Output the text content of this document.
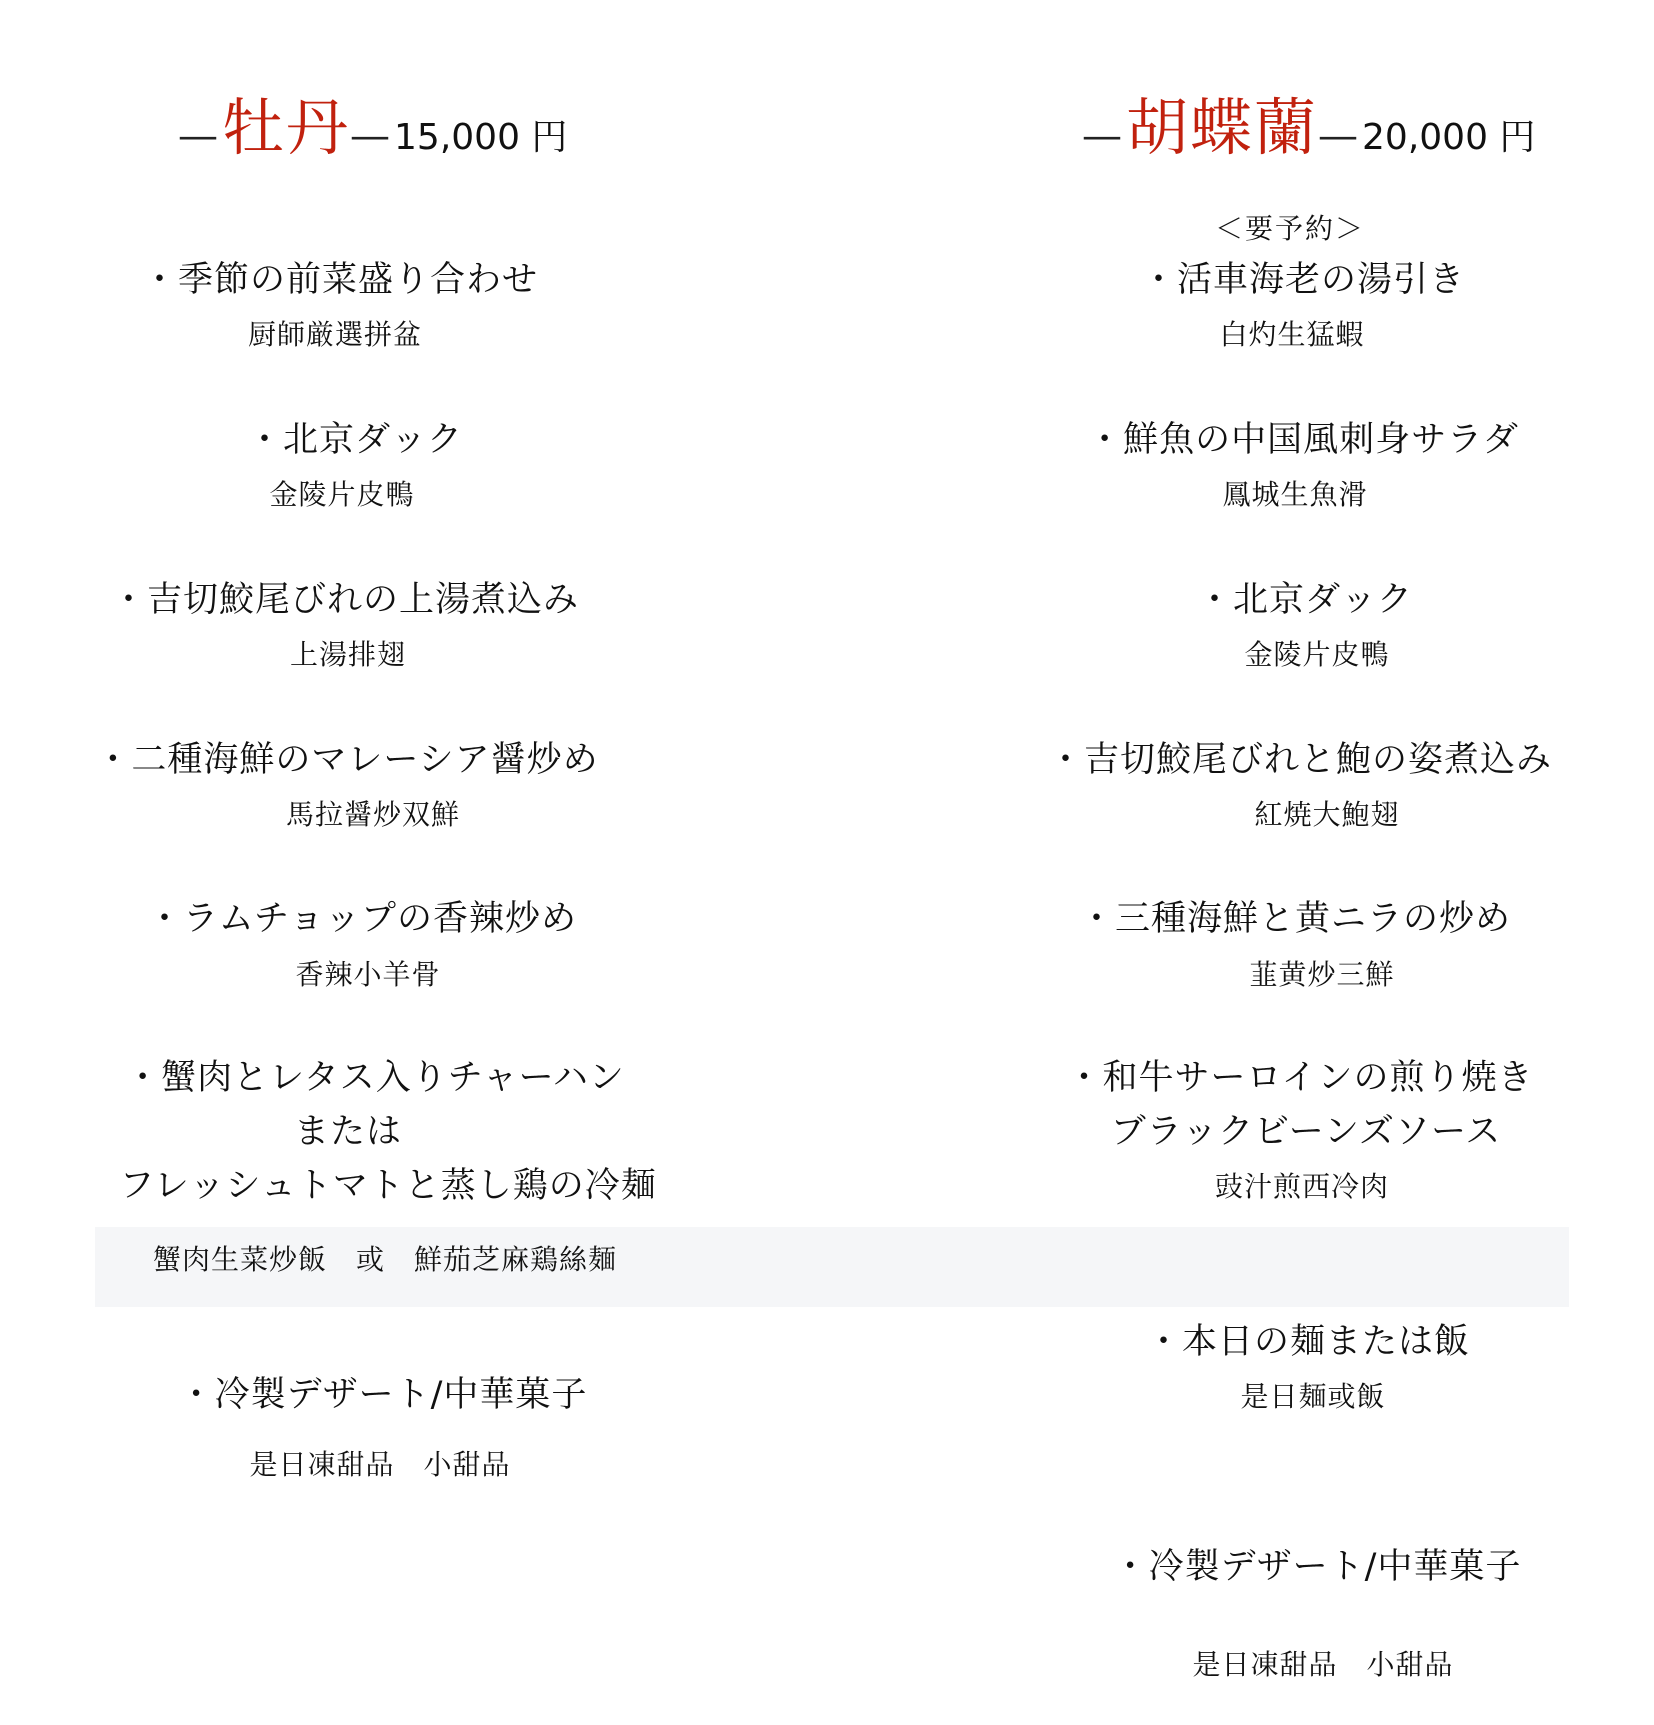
— 牡丹 — 15,000 円	— 胡蝶蘭 — 20,000 円
・季節の前菜盛り合わせ
厨師厳選拼盆
・北京ダック
金陵片皮鴨
・吉切鮫尾びれの上湯煮込み
上湯排翅
・二種海鮮のマレーシア醤炒め
馬拉醤炒双鮮
・ラムチョップの香辣炒め
香辣小羊骨
・蟹肉とレタス入りチャーハン
または
フレッシュトマトと蒸し鶏の冷麺
蟹肉生菜炒飯　或　鮮茄芝麻鶏絲麺
・冷製デザート/中華菓子
是日凍甜品　小甜品
＜要予約＞
・活車海老の湯引き
白灼生猛蝦
・鮮魚の中国風刺身サラダ
鳳城生魚滑
・北京ダック
金陵片皮鴨
・吉切鮫尾びれと鮑の姿煮込み
紅焼大鮑翅
・三種海鮮と黄ニラの炒め
韮黄炒三鮮
・和牛サーロインの煎り焼き
ブラックビーンズソース
豉汁煎西冷肉
・本日の麺または飯
是日麺或飯
・冷製デザート/中華菓子
是日凍甜品　小甜品
